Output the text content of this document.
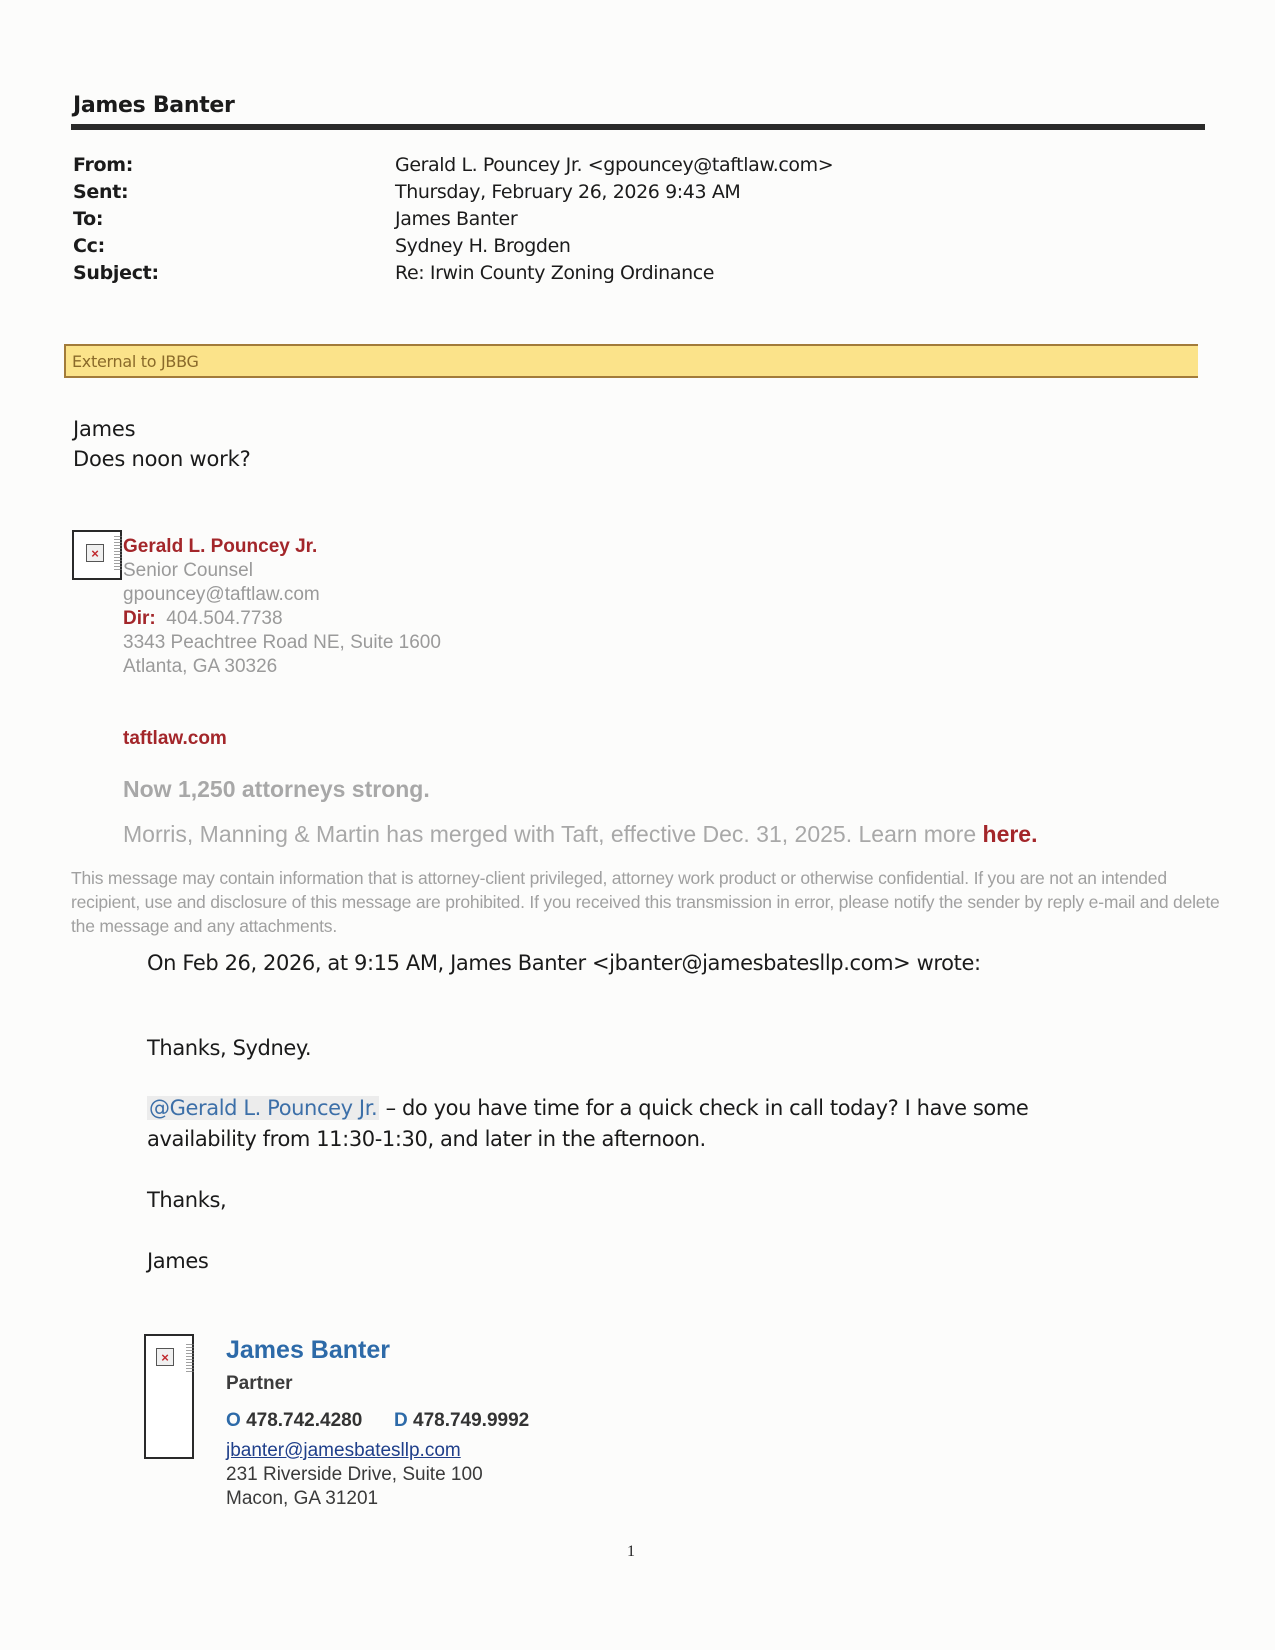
James Banter
From:	Gerald L. Pouncey Jr. <gpouncey@taftlaw.com>
Sent:	Thursday, February 26, 2026 9:43 AM
To:	James Banter
Cc:	Sydney H. Brogden
Subject:	Re: Irwin County Zoning Ordinance
External to JBBG
James
Does noon work?
× Gerald L. Pouncey Jr.
Senior Counsel
gpouncey@taftlaw.com
Dir: 404.504.7738
3343 Peachtree Road NE, Suite 1600
Atlanta, GA 30326
taftlaw.com
Now 1,250 attorneys strong.
Morris, Manning & Martin has merged with Taft, effective Dec. 31, 2025. Learn more here.
This message may contain information that is attorney-client privileged, attorney work product or otherwise confidential. If you are not an intended recipient, use and disclosure of this message are prohibited. If you received this transmission in error, please notify the sender by reply e-mail and delete the message and any attachments.
On Feb 26, 2026, at 9:15 AM, James Banter <jbanter@jamesbatesllp.com> wrote:
Thanks, Sydney.
@Gerald L. Pouncey Jr. – do you have time for a quick check in call today? I have some
availability from 11:30-1:30, and later in the afternoon.
Thanks,
James
× James Banter
Partner
O 478.742.4280 D 478.749.9992
jbanter@jamesbatesllp.com
231 Riverside Drive, Suite 100
Macon, GA 31201
1
